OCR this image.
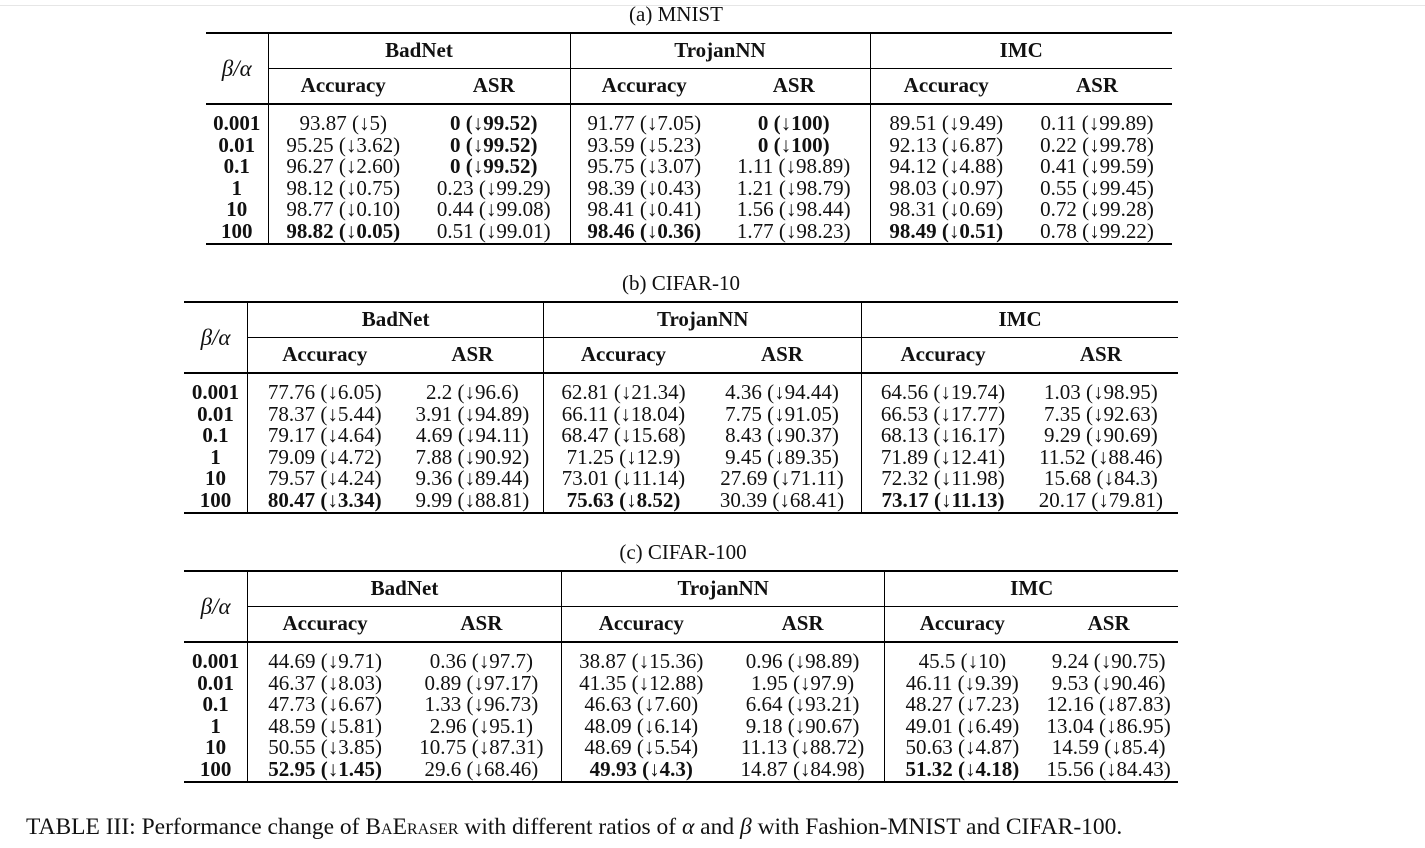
(a) MNIST
β/α	BadNet		TrojanNN		IMC	
	Accuracy	ASR	Accuracy	ASR	Accuracy	ASR

0.001	93.87 (↓5)	0 (↓99.52)	91.77 (↓7.05)	0 (↓100)	89.51 (↓9.49)	0.11 (↓99.89)
0.01	95.25 (↓3.62)	0 (↓99.52)	93.59 (↓5.23)	0 (↓100)	92.13 (↓6.87)	0.22 (↓99.78)
0.1	96.27 (↓2.60)	0 (↓99.52)	95.75 (↓3.07)	1.11 (↓98.89)	94.12 (↓4.88)	0.41 (↓99.59)
1	98.12 (↓0.75)	0.23 (↓99.29)	98.39 (↓0.43)	1.21 (↓98.79)	98.03 (↓0.97)	0.55 (↓99.45)
10	98.77 (↓0.10)	0.44 (↓99.08)	98.41 (↓0.41)	1.56 (↓98.44)	98.31 (↓0.69)	0.72 (↓99.28)
100	98.82 (↓0.05)	0.51 (↓99.01)	98.46 (↓0.36)	1.77 (↓98.23)	98.49 (↓0.51)	0.78 (↓99.22)
(b) CIFAR-10
β/α	BadNet		TrojanNN		IMC	
	Accuracy	ASR	Accuracy	ASR	Accuracy	ASR

0.001	77.76 (↓6.05)	2.2 (↓96.6)	62.81 (↓21.34)	4.36 (↓94.44)	64.56 (↓19.74)	1.03 (↓98.95)
0.01	78.37 (↓5.44)	3.91 (↓94.89)	66.11 (↓18.04)	7.75 (↓91.05)	66.53 (↓17.77)	7.35 (↓92.63)
0.1	79.17 (↓4.64)	4.69 (↓94.11)	68.47 (↓15.68)	8.43 (↓90.37)	68.13 (↓16.17)	9.29 (↓90.69)
1	79.09 (↓4.72)	7.88 (↓90.92)	71.25 (↓12.9)	9.45 (↓89.35)	71.89 (↓12.41)	11.52 (↓88.46)
10	79.57 (↓4.24)	9.36 (↓89.44)	73.01 (↓11.14)	27.69 (↓71.11)	72.32 (↓11.98)	15.68 (↓84.3)
100	80.47 (↓3.34)	9.99 (↓88.81)	75.63 (↓8.52)	30.39 (↓68.41)	73.17 (↓11.13)	20.17 (↓79.81)
(c) CIFAR-100
β/α	BadNet		TrojanNN		IMC	
	Accuracy	ASR	Accuracy	ASR	Accuracy	ASR

0.001	44.69 (↓9.71)	0.36 (↓97.7)	38.87 (↓15.36)	0.96 (↓98.89)	45.5 (↓10)	9.24 (↓90.75)
0.01	46.37 (↓8.03)	0.89 (↓97.17)	41.35 (↓12.88)	1.95 (↓97.9)	46.11 (↓9.39)	9.53 (↓90.46)
0.1	47.73 (↓6.67)	1.33 (↓96.73)	46.63 (↓7.60)	6.64 (↓93.21)	48.27 (↓7.23)	12.16 (↓87.83)
1	48.59 (↓5.81)	2.96 (↓95.1)	48.09 (↓6.14)	9.18 (↓90.67)	49.01 (↓6.49)	13.04 (↓86.95)
10	50.55 (↓3.85)	10.75 (↓87.31)	48.69 (↓5.54)	11.13 (↓88.72)	50.63 (↓4.87)	14.59 (↓85.4)
100	52.95 (↓1.45)	29.6 (↓68.46)	49.93 (↓4.3)	14.87 (↓84.98)	51.32 (↓4.18)	15.56 (↓84.43)
TABLE III: Performance change of BaEraser with different ratios of α and β with Fashion-MNIST and CIFAR-100.
